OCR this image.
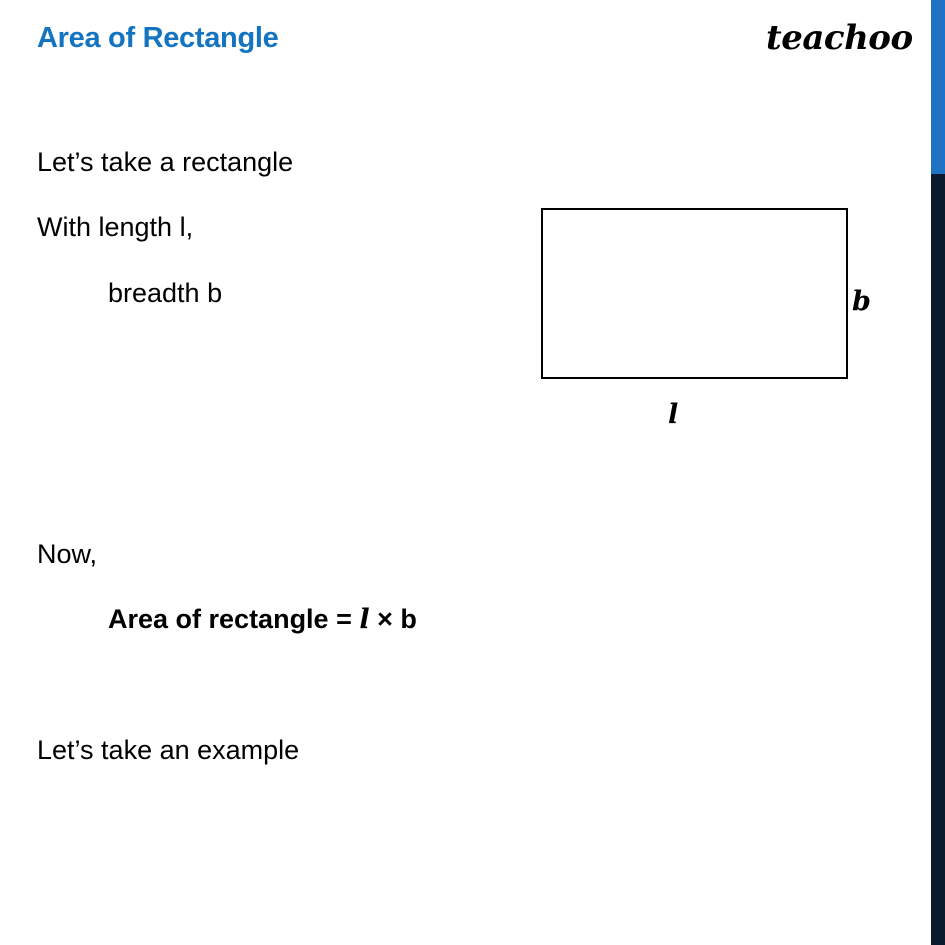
Area of Rectangle	teachoo
Let’s take a rectangle
With length l,
breadth b
Now,
Area of rectangle = l × b
Let’s take an example
b
l
